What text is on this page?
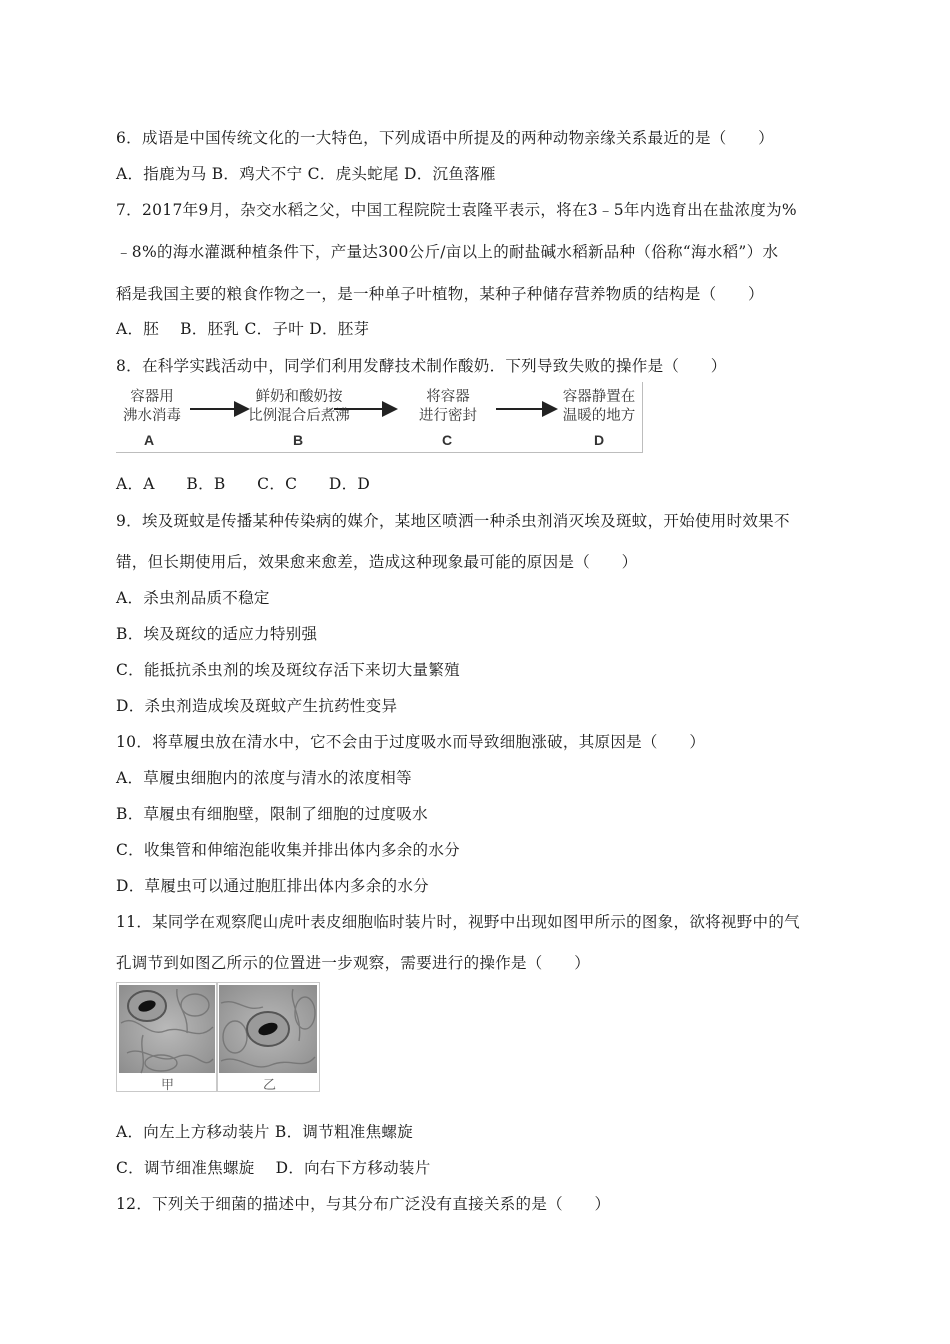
6．成语是中国传统文化的一大特色，下列成语中所提及的两种动物亲缘关系最近的是（　　）
A．指鹿为马 B．鸡犬不宁 C．虎头蛇尾 D．沉鱼落雁
7．2017年9月，杂交水稻之父，中国工程院院士袁隆平表示，将在3﹣5年内选育出在盐浓度为%
﹣8%的海水灌溉种植条件下，产量达300公斤/亩以上的耐盐碱水稻新品种（俗称“海水稻”）水
稻是我国主要的粮食作物之一，是一种单子叶植物，某种子种储存营养物质的结构是（　　）
A．胚　 B．胚乳 C．子叶 D．胚芽
8．在科学实践活动中，同学们利用发酵技术制作酸奶．下列导致失败的操作是（　　）
容器用
沸水消毒
鲜奶和酸奶按
比例混合后煮沸
将容器
进行密封
容器静置在
温暖的地方
A	B	C	D
A．A　　B．B　　C．C　　D．D
9．埃及斑蚊是传播某种传染病的媒介，某地区喷洒一种杀虫剂消灭埃及斑蚊，开始使用时效果不
错，但长期使用后，效果愈来愈差，造成这种现象最可能的原因是（　　）
A．杀虫剂品质不稳定
B．埃及斑纹的适应力特别强
C．能抵抗杀虫剂的埃及斑纹存活下来切大量繁殖
D．杀虫剂造成埃及斑蚊产生抗药性变异
10．将草履虫放在清水中，它不会由于过度吸水而导致细胞涨破，其原因是（　　）
A．草履虫细胞内的浓度与清水的浓度相等
B．草履虫有细胞壁，限制了细胞的过度吸水
C．收集管和伸缩泡能收集并排出体内多余的水分
D．草履虫可以通过胞肛排出体内多余的水分
11．某同学在观察爬山虎叶表皮细胞临时装片时，视野中出现如图甲所示的图象，欲将视野中的气
孔调节到如图乙所示的位置进一步观察，需要进行的操作是（　　）
甲	乙
A．向左上方移动装片 B．调节粗准焦螺旋
C．调节细准焦螺旋　 D．向右下方移动装片
12．下列关于细菌的描述中，与其分布广泛没有直接关系的是（　　）
